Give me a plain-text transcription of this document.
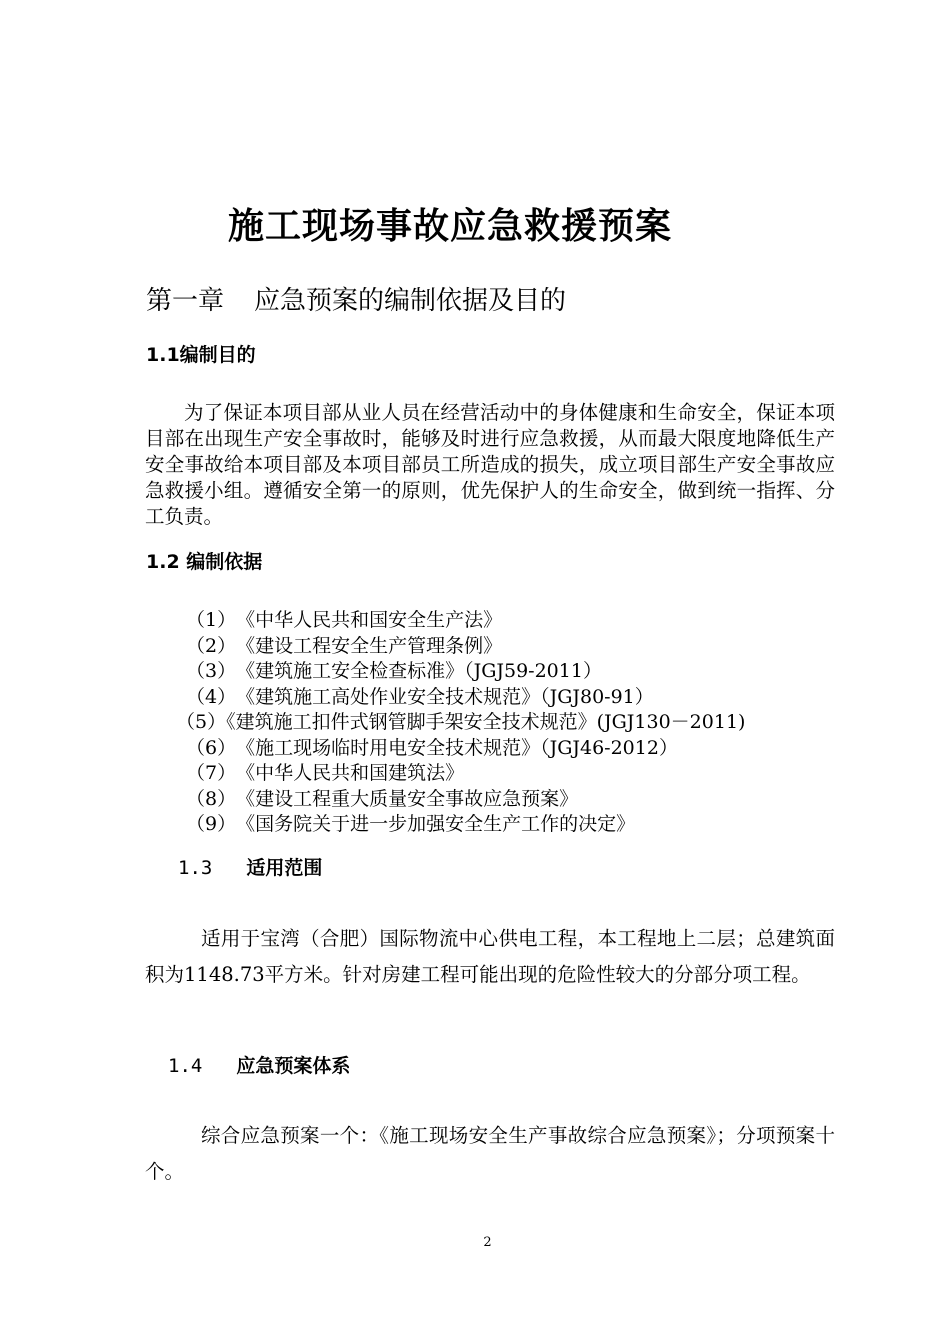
施工现场事故应急救援预案
第一章 应急预案的编制依据及目的
1.1编制目的
为了保证本项目部从业人员在经营活动中的身体健康和生命安全，保证本项目部在出现生产安全事故时，能够及时进行应急救援，从而最大限度地降低生产安全事故给本项目部及本项目部员工所造成的损失，成立项目部生产安全事故应急救援小组。遵循安全第一的原则，优先保护人的生命安全，做到统一指挥、分工负责。
1.2 编制依据
（1）　《中华人民共和国安全生产法》
（2）　《建设工程安全生产管理条例》
（3）　《建筑施工安全检查标准》（JGJ59-2011）
（4）　《建筑施工高处作业安全技术规范》（JGJ80-91）
（5）《建筑施工扣件式钢管脚手架安全技术规范》(JGJ130－2011)
（6）　《施工现场临时用电安全技术规范》（JGJ46-2012）
（7）　《中华人民共和国建筑法》
（8）　《建设工程重大质量安全事故应急预案》
（9）　《国务院关于进一步加强安全生产工作的决定》
1.3 适用范围
适用于宝湾（合肥）国际物流中心供电工程，本工程地上二层；总建筑面积为1148.73平方米。针对房建工程可能出现的危险性较大的分部分项工程。
1.4 应急预案体系
综合应急预案一个：《施工现场安全生产事故综合应急预案》；分项预案十个。
2
